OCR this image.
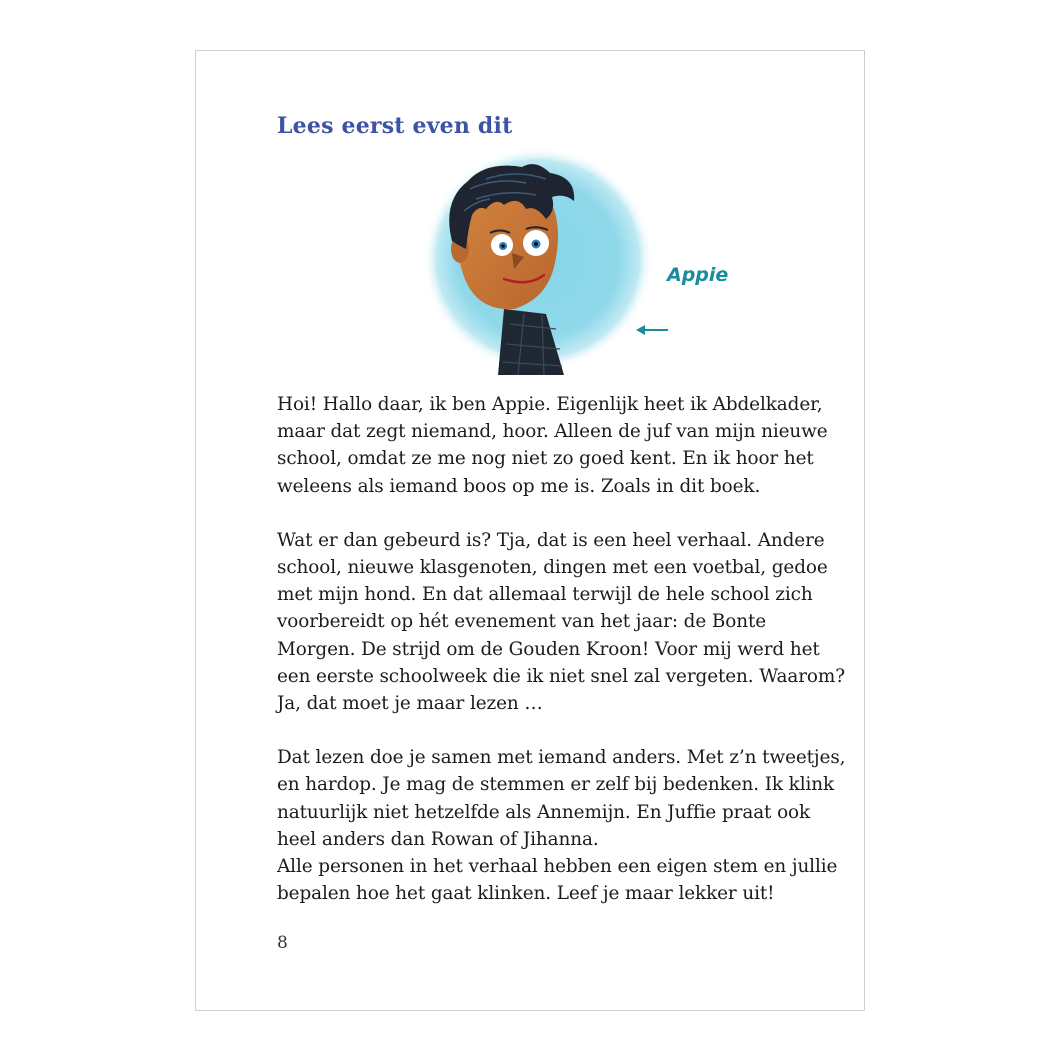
Lees eerst even dit
Appie

Hoi! Hallo daar, ik ben Appie. Eigenlijk heet ik Abdelkader,
maar dat zegt niemand, hoor. Alleen de juf van mijn nieuwe
school, omdat ze me nog niet zo goed kent. En ik hoor het
weleens als iemand boos op me is. Zoals in dit boek.

Wat er dan gebeurd is? Tja, dat is een heel verhaal. Andere
school, nieuwe klasgenoten, dingen met een voetbal, gedoe
met mijn hond. En dat allemaal terwijl de hele school zich
voorbereidt op hét evenement van het jaar: de Bonte
Morgen. De strijd om de Gouden Kroon! Voor mij werd het
een eerste schoolweek die ik niet snel zal vergeten. Waarom?
Ja, dat moet je maar lezen …

Dat lezen doe je samen met iemand anders. Met z’n tweetjes,
en hardop. Je mag de stemmen er zelf bij bedenken. Ik klink
natuurlijk niet hetzelfde als Annemijn. En Juffie praat ook
heel anders dan Rowan of Jihanna.
Alle personen in het verhaal hebben een eigen stem en jullie
bepalen hoe het gaat klinken. Leef je maar lekker uit!

8
